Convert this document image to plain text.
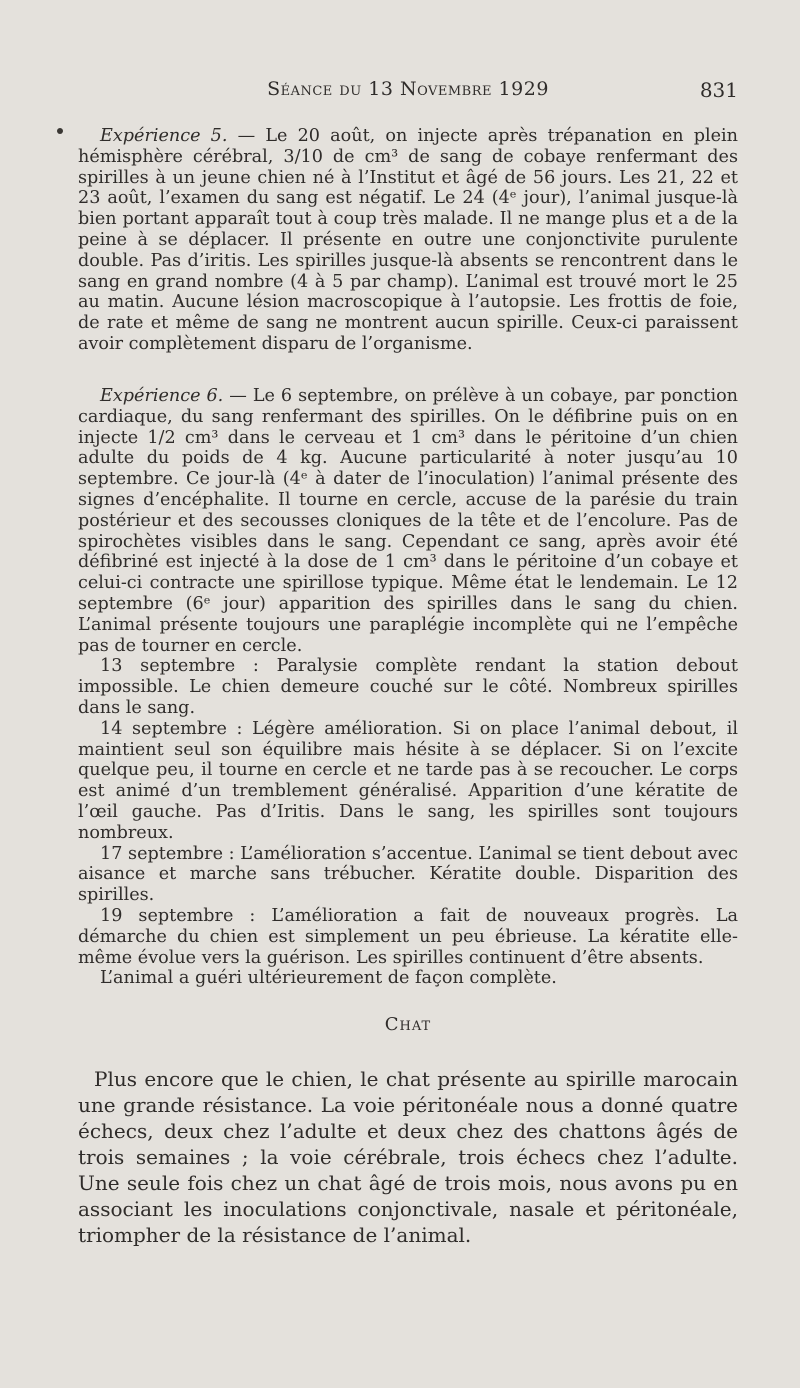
Séance du 13 Novembre 1929	831

Expérience 5. — Le 20 août, on injecte après trépanation en plein hémisphère cérébral, 3/10 de cm³ de sang de cobaye renfermant des spirilles à un jeune chien né à l’Institut et âgé de 56 jours. Les 21, 22 et 23 août, l’examen du sang est négatif. Le 24 (4ᵉ jour), l’animal jusque-là bien portant apparaît tout à coup très malade. Il ne mange plus et a de la peine à se déplacer. Il présente en outre une conjonctivite purulente double. Pas d’iritis. Les spirilles jusque-là absents se rencontrent dans le sang en grand nombre (4 à 5 par champ). L’animal est trouvé mort le 25 au matin. Aucune lésion macroscopique à l’autopsie. Les frottis de foie, de rate et même de sang ne montrent aucun spirille. Ceux-ci paraissent avoir complètement disparu de l’organisme.

Expérience 6. — Le 6 septembre, on prélève à un cobaye, par ponction cardiaque, du sang renfermant des spirilles. On le défibrine puis on en injecte 1/2 cm³ dans le cerveau et 1 cm³ dans le péritoine d’un chien adulte du poids de 4 kg. Aucune particularité à noter jusqu’au 10 septembre. Ce jour-là (4ᵉ à dater de l’inoculation) l’animal présente des signes d’encéphalite. Il tourne en cercle, accuse de la parésie du train postérieur et des secousses cloniques de la tête et de l’encolure. Pas de spirochètes visibles dans le sang. Cependant ce sang, après avoir été défibriné est injecté à la dose de 1 cm³ dans le péritoine d’un cobaye et celui-ci contracte une spirillose typique. Même état le lendemain. Le 12 septembre (6ᵉ jour) apparition des spirilles dans le sang du chien. L’animal présente toujours une paraplégie incomplète qui ne l’empêche pas de tourner en cercle.

13 septembre : Paralysie complète rendant la station debout impossible. Le chien demeure couché sur le côté. Nombreux spirilles dans le sang.

14 septembre : Légère amélioration. Si on place l’animal debout, il maintient seul son équilibre mais hésite à se déplacer. Si on l’excite quelque peu, il tourne en cercle et ne tarde pas à se recoucher. Le corps est animé d’un tremblement généralisé. Apparition d’une kératite de l’œil gauche. Pas d’Iritis. Dans le sang, les spirilles sont toujours nombreux.

17 septembre : L’amélioration s’accentue. L’animal se tient debout avec aisance et marche sans trébucher. Kératite double. Disparition des spirilles.

19 septembre : L’amélioration a fait de nouveaux progrès. La démarche du chien est simplement un peu ébrieuse. La kératite elle-même évolue vers la guérison. Les spirilles continuent d’être absents.

L’animal a guéri ultérieurement de façon complète.

Chat

Plus encore que le chien, le chat présente au spirille marocain une grande résistance. La voie péritonéale nous a donné quatre échecs, deux chez l’adulte et deux chez des chattons âgés de trois semaines ; la voie cérébrale, trois échecs chez l’adulte. Une seule fois chez un chat âgé de trois mois, nous avons pu en associant les inoculations conjonctivale, nasale et péritonéale, triompher de la résistance de l’animal.
